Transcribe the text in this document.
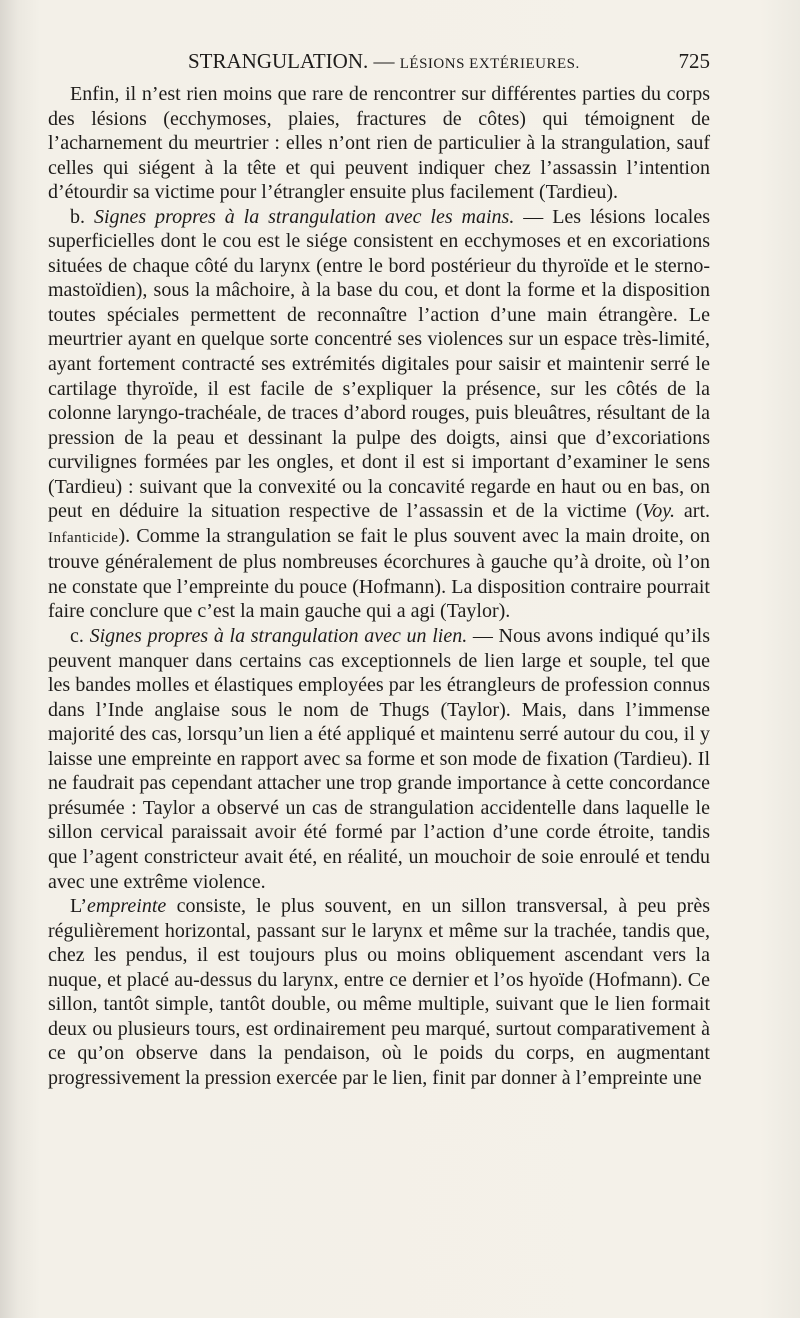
STRANGULATION. — LÉSIONS EXTÉRIEURES.	725

Enfin, il n’est rien moins que rare de rencontrer sur différentes parties du corps des lésions (ecchymoses, plaies, fractures de côtes) qui témoignent de l’acharnement du meurtrier : elles n’ont rien de particulier à la strangulation, sauf celles qui siégent à la tête et qui peuvent indiquer chez l’assassin l’intention d’étourdir sa victime pour l’étrangler ensuite plus facilement (Tardieu).

b. Signes propres à la strangulation avec les mains. — Les lésions locales superficielles dont le cou est le siége consistent en ecchymoses et en excoriations situées de chaque côté du larynx (entre le bord postérieur du thyroïde et le sterno-mastoïdien), sous la mâchoire, à la base du cou, et dont la forme et la disposition toutes spéciales permettent de reconnaître l’action d’une main étrangère. Le meurtrier ayant en quelque sorte concentré ses violences sur un espace très-limité, ayant fortement contracté ses extrémités digitales pour saisir et maintenir serré le cartilage thyroïde, il est facile de s’expliquer la présence, sur les côtés de la colonne laryngo-trachéale, de traces d’abord rouges, puis bleuâtres, résultant de la pression de la peau et dessinant la pulpe des doigts, ainsi que d’excoriations curvilignes formées par les ongles, et dont il est si important d’examiner le sens (Tardieu) : suivant que la convexité ou la concavité regarde en haut ou en bas, on peut en déduire la situation respective de l’assassin et de la victime (Voy. art. Infanticide). Comme la strangulation se fait le plus souvent avec la main droite, on trouve généralement de plus nombreuses écorchures à gauche qu’à droite, où l’on ne constate que l’empreinte du pouce (Hofmann). La disposition contraire pourrait faire conclure que c’est la main gauche qui a agi (Taylor).

c. Signes propres à la strangulation avec un lien. — Nous avons indiqué qu’ils peuvent manquer dans certains cas exceptionnels de lien large et souple, tel que les bandes molles et élastiques employées par les étrangleurs de profession connus dans l’Inde anglaise sous le nom de Thugs (Taylor). Mais, dans l’immense majorité des cas, lorsqu’un lien a été appliqué et maintenu serré autour du cou, il y laisse une empreinte en rapport avec sa forme et son mode de fixation (Tardieu). Il ne faudrait pas cependant attacher une trop grande importance à cette concordance présumée : Taylor a observé un cas de strangulation accidentelle dans laquelle le sillon cervical paraissait avoir été formé par l’action d’une corde étroite, tandis que l’agent constricteur avait été, en réalité, un mouchoir de soie enroulé et tendu avec une extrême violence.

L’empreinte consiste, le plus souvent, en un sillon transversal, à peu près régulièrement horizontal, passant sur le larynx et même sur la trachée, tandis que, chez les pendus, il est toujours plus ou moins obliquement ascendant vers la nuque, et placé au-dessus du larynx, entre ce dernier et l’os hyoïde (Hofmann). Ce sillon, tantôt simple, tantôt double, ou même multiple, suivant que le lien formait deux ou plusieurs tours, est ordinairement peu marqué, surtout comparativement à ce qu’on observe dans la pendaison, où le poids du corps, en augmentant progressivement la pression exercée par le lien, finit par donner à l’empreinte une
